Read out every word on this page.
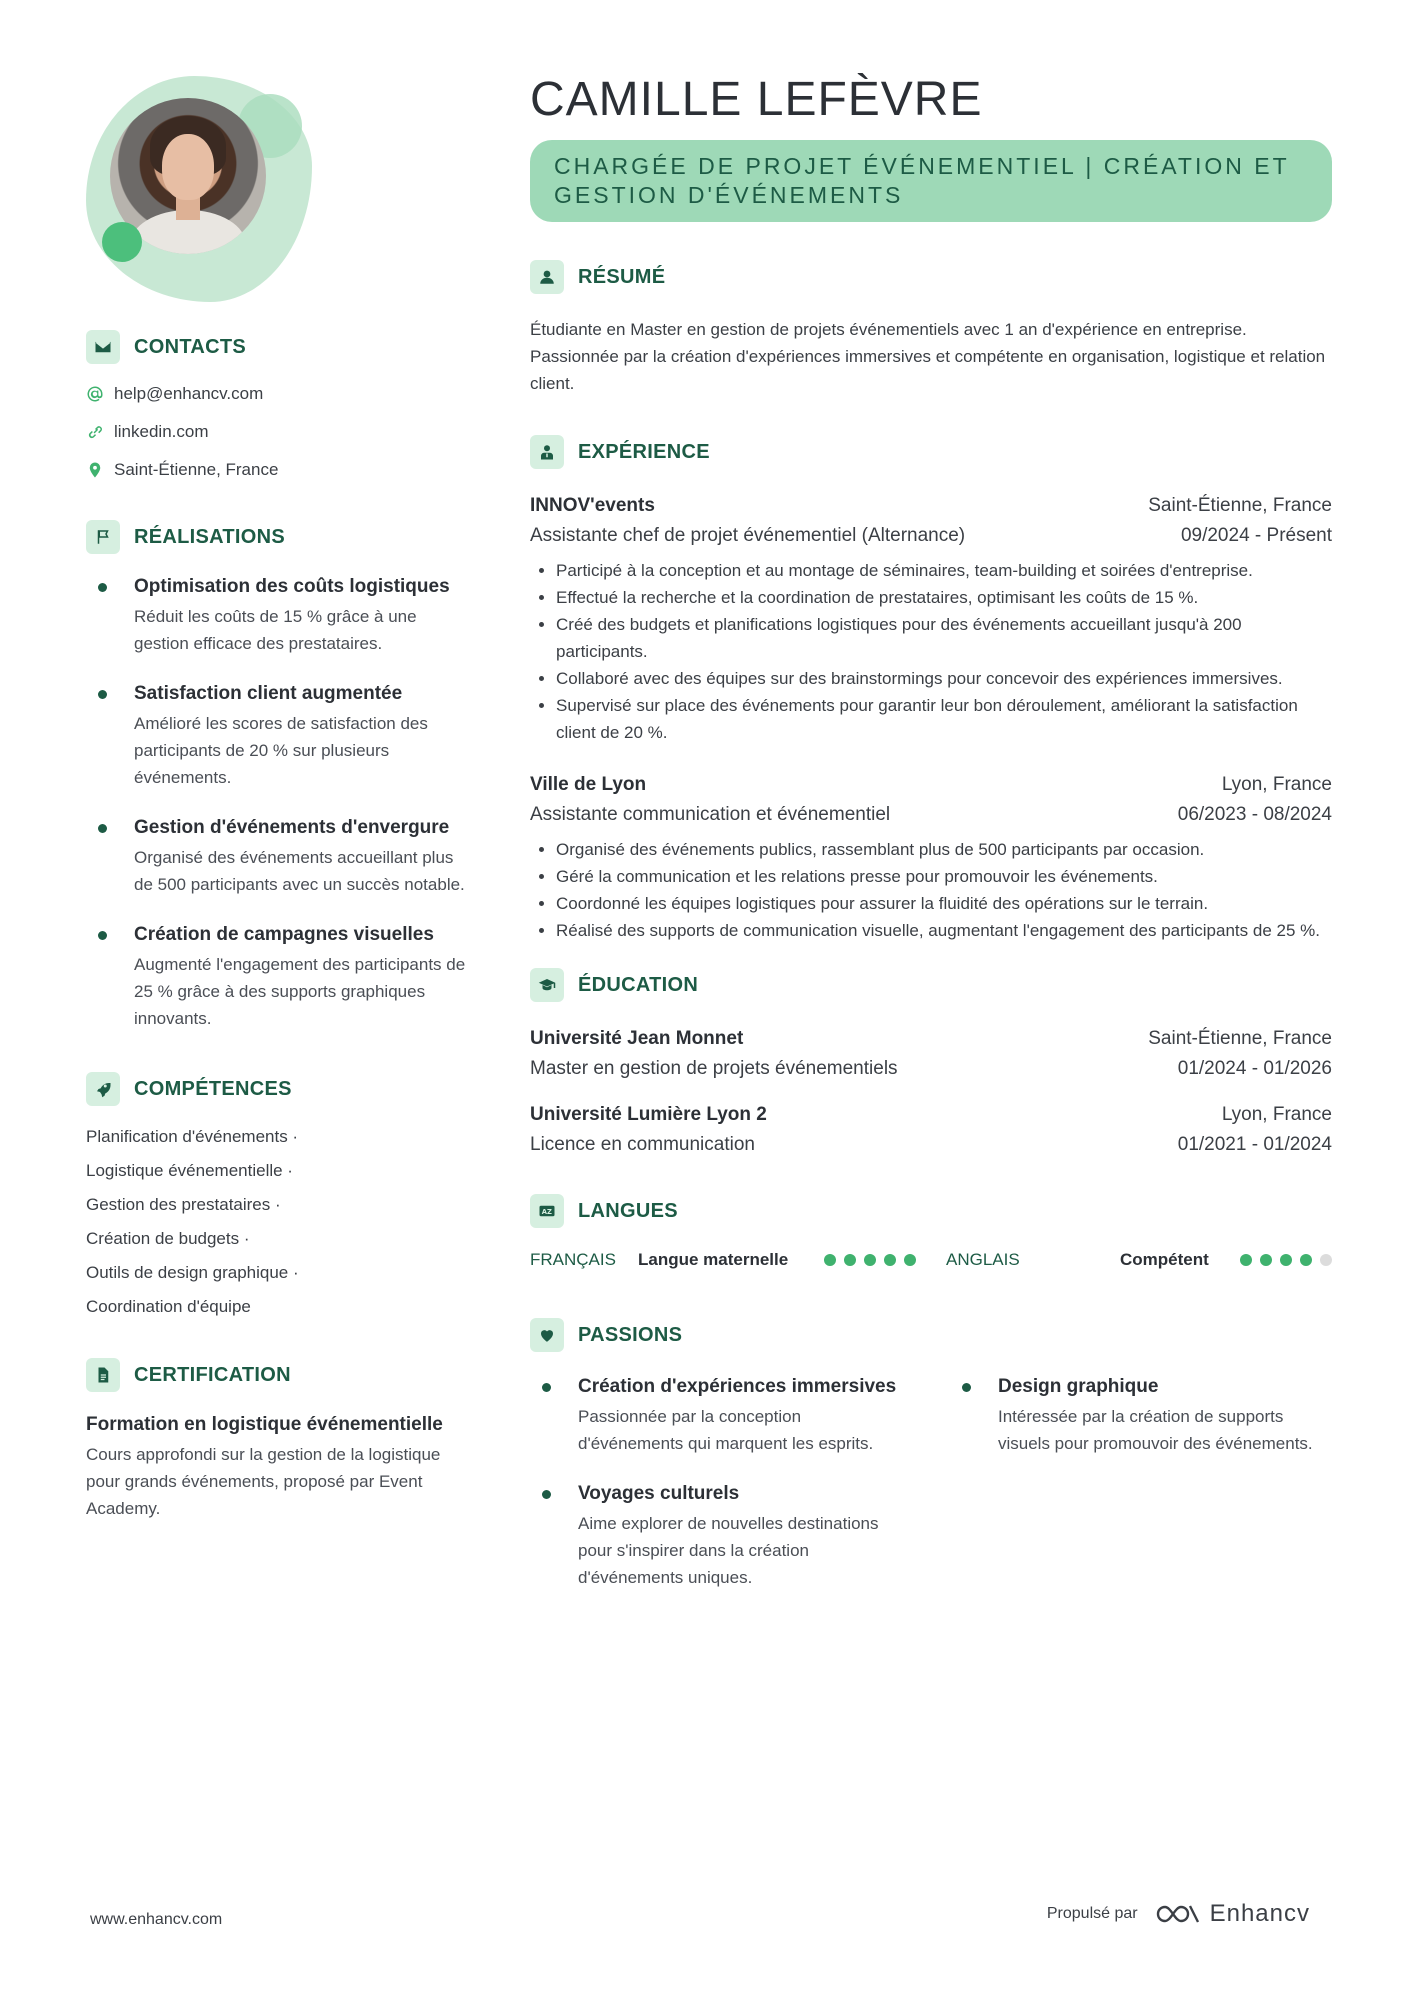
CONTACTS
help@enhancv.com
linkedin.com
Saint-Étienne, France
RÉALISATIONS
Optimisation des coûts logistiques
Réduit les coûts de 15 % grâce à une gestion efficace des prestataires.
Satisfaction client augmentée
Amélioré les scores de satisfaction des participants de 20 % sur plusieurs événements.
Gestion d'événements d'envergure
Organisé des événements accueillant plus de 500 participants avec un succès notable.
Création de campagnes visuelles
Augmenté l'engagement des participants de 25 % grâce à des supports graphiques innovants.
COMPÉTENCES
Planification d'événements ·
Logistique événementielle ·
Gestion des prestataires ·
Création de budgets ·
Outils de design graphique ·
Coordination d'équipe
CERTIFICATION
Formation en logistique événementielle
Cours approfondi sur la gestion de la logistique pour grands événements, proposé par Event Academy.
CAMILLE LEFÈVRE
CHARGÉE DE PROJET ÉVÉNEMENTIEL | CRÉATION ET GESTION D'ÉVÉNEMENTS
RÉSUMÉ
Étudiante en Master en gestion de projets événementiels avec 1 an d'expérience en entreprise. Passionnée par la création d'expériences immersives et compétente en organisation, logistique et relation client.
EXPÉRIENCE
INNOV'events	Saint-Étienne, France
Assistante chef de projet événementiel (Alternance)	09/2024 - Présent
• Participé à la conception et au montage de séminaires, team-building et soirées d'entreprise.
• Effectué la recherche et la coordination de prestataires, optimisant les coûts de 15 %.
• Créé des budgets et planifications logistiques pour des événements accueillant jusqu'à 200 participants.
• Collaboré avec des équipes sur des brainstormings pour concevoir des expériences immersives.
• Supervisé sur place des événements pour garantir leur bon déroulement, améliorant la satisfaction client de 20 %.
Ville de Lyon	Lyon, France
Assistante communication et événementiel	06/2023 - 08/2024
• Organisé des événements publics, rassemblant plus de 500 participants par occasion.
• Géré la communication et les relations presse pour promouvoir les événements.
• Coordonné les équipes logistiques pour assurer la fluidité des opérations sur le terrain.
• Réalisé des supports de communication visuelle, augmentant l'engagement des participants de 25 %.
ÉDUCATION
Université Jean Monnet	Saint-Étienne, France
Master en gestion de projets événementiels	01/2024 - 01/2026
Université Lumière Lyon 2	Lyon, France
Licence en communication	01/2021 - 01/2024
AZ LANGUES
FRANÇAIS	Langue maternelle	ANGLAIS	Compétent
PASSIONS
Création d'expériences immersives
Passionnée par la conception d'événements qui marquent les esprits.
Voyages culturels
Aime explorer de nouvelles destinations pour s'inspirer dans la création d'événements uniques.
Design graphique
Intéressée par la création de supports visuels pour promouvoir des événements.
www.enhancv.com	Propulsé par	Enhancv
